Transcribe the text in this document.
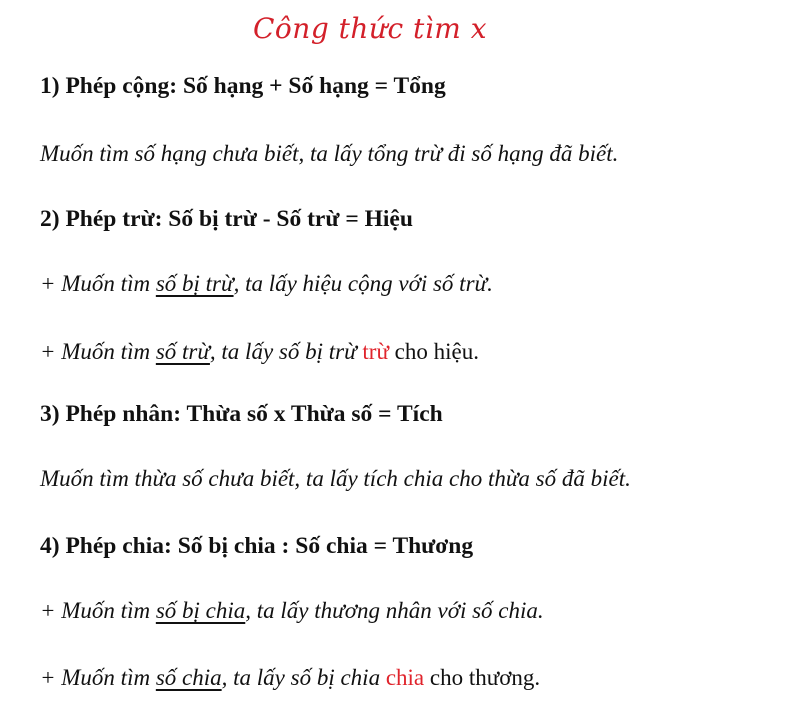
Công thức tìm x
1) Phép cộng: Số hạng + Số hạng = Tổng
Muốn tìm số hạng chưa biết, ta lấy tổng trừ đi số hạng đã biết.
2) Phép trừ: Số bị trừ - Số trừ = Hiệu
+ Muốn tìm số bị trừ, ta lấy hiệu cộng với số trừ.
+ Muốn tìm số trừ, ta lấy số bị trừ trừ cho hiệu.
3) Phép nhân: Thừa số x Thừa số = Tích
Muốn tìm thừa số chưa biết, ta lấy tích chia cho thừa số đã biết.
4) Phép chia: Số bị chia : Số chia = Thương
+ Muốn tìm số bị chia, ta lấy thương nhân với số chia.
+ Muốn tìm số chia, ta lấy số bị chia chia cho thương.
